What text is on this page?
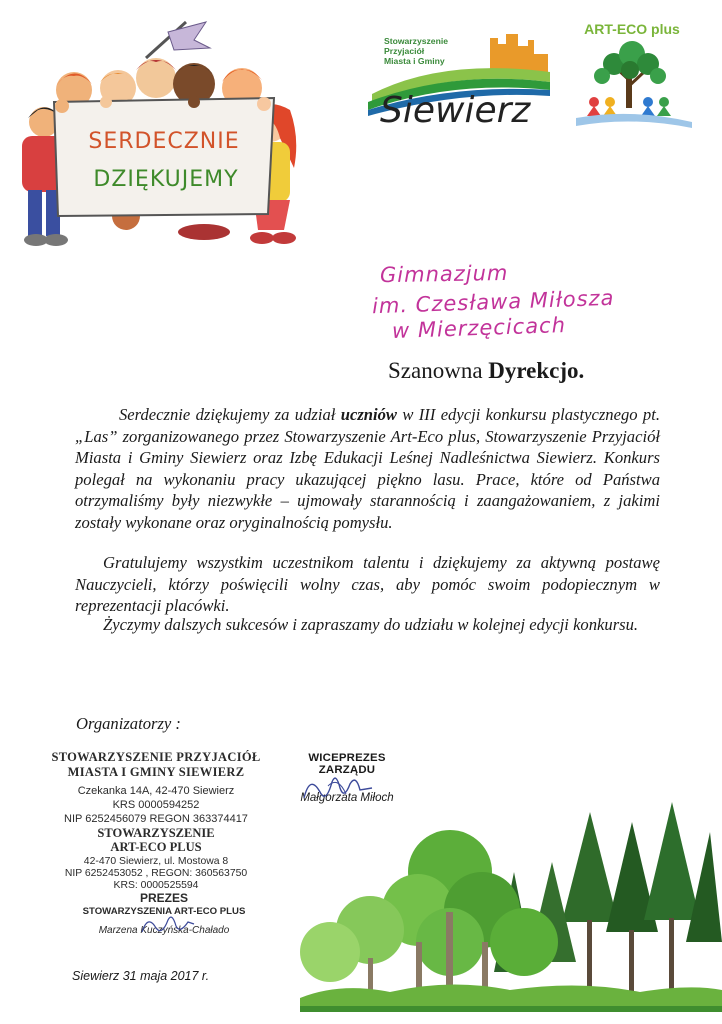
SERDECZNIE
DZIĘKUJEMY
Stowarzyszenie
Przyjaciół
Miasta i Gminy
Siewierz
ART-ECO plus
Gimnazjum
im. Czesława Miłosza
w Mierzęcicach
Szanowna Dyrekcjo.
Serdecznie dziękujemy za udział uczniów w III edycji konkursu plastycznego pt. „Las” zorganizowanego przez Stowarzyszenie Art-Eco plus, Stowarzyszenie Przyjaciół Miasta i Gminy Siewierz oraz Izbę Edukacji Leśnej Nadleśnictwa Siewierz. Konkurs polegał na wykonaniu pracy ukazującej piękno lasu. Prace, które od Państwa otrzymaliśmy były niezwykłe – ujmowały starannością i zaangażowaniem, z jakimi zostały wykonane oraz oryginalnością pomysłu.
Gratulujemy wszystkim uczestnikom talentu i dziękujemy za aktywną postawę Nauczycieli, którzy poświęcili wolny czas, aby pomóc swoim podopiecznym w reprezentacji placówki.
Życzymy dalszych sukcesów i zapraszamy do udziału w kolejnej edycji konkursu.
Organizatorzy :
STOWARZYSZENIE PRZYJACIÓŁ
MIASTA I GMINY SIEWIERZ
Czekanka 14A, 42-470 Siewierz
KRS 0000594252
NIP 6252456079 REGON 363374417
STOWARZYSZENIE
ART-ECO PLUS
42-470 Siewierz, ul. Mostowa 8
NIP 6252453052 , REGON: 360563750
KRS: 0000525594
PREZES
STOWARZYSZENIA ART-ECO PLUS
Marzena Kuczyńska-Chałado
WICEPREZES ZARZĄDU
Małgorzata Miłoch
Siewierz 31 maja 2017 r.
